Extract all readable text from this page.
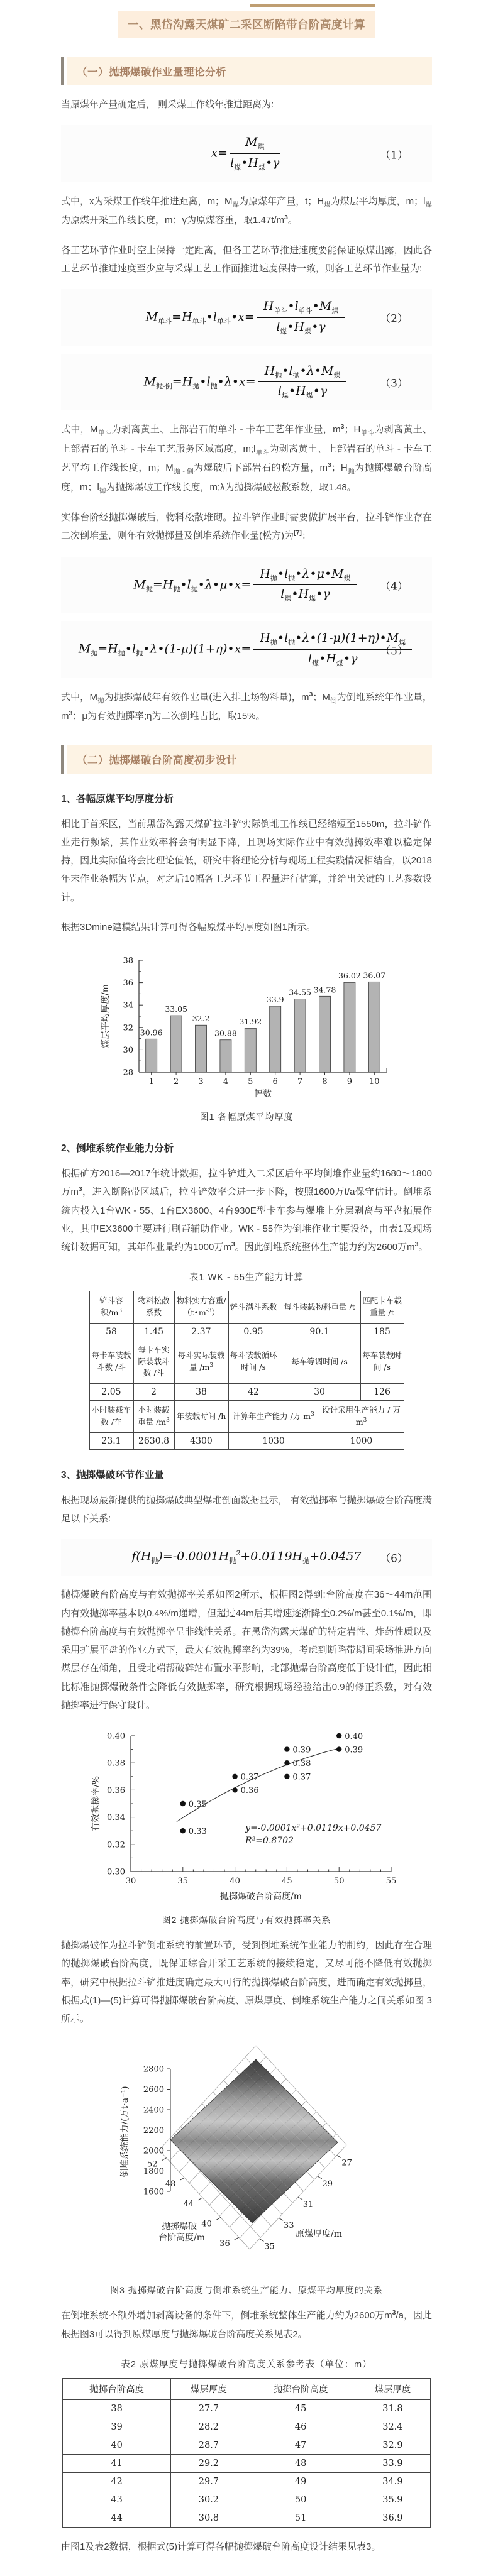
一、黑岱沟露天煤矿二采区断陷带台阶高度计算
（一）抛掷爆破作业量理论分析

当原煤年产量确定后， 则采煤工作线年推进距离为:

$x= \frac{M_煤}{l_煤•H_煤•\gamma}$	（1）

式中，x为采煤工作线年推进距离，m；$M_煤$为原煤年产量，t；$H_煤$为煤层平均厚度，m；$l_煤$为原煤开采工作线长度，m；γ为原煤容重，取$1.47t/m^3$。

各工艺环节作业时空上保持一定距离，但各工艺环节推进速度要能保证原煤出露，因此各工艺环节推进速度至少应与采煤工艺工作面推进速度保持一致，则各工艺环节作业量为:

$M_{单斗}=H_{单斗}•l_{单斗}•x= \frac{H_{单斗}•l_{单斗}•M_煤}{l_煤•H_煤•\gamma}$	（2）
$M_{抛-倒}=H_抛•l_抛•\lambda•x= \frac{H_抛•l_抛•\lambda•M_煤}{l_煤•H_煤•\gamma}$	（3）

式中，$M_{单斗}$为剥离黄土、上部岩石的单斗 - 卡车工艺年作业量，$m^3$；$H_{单斗}$为剥离黄土、上部岩石的单斗 - 卡车工艺服务区域高度，$m;l_{单斗}$为剥离黄土、上部岩石的单斗 - 卡车工艺平均工作线长度，m；$M_{抛 - 倒}$为爆破后下部岩石的松方量，$m^3$；$H_抛$为抛掷爆破台阶高度，m；$l_抛$为抛掷爆破工作线长度，m;λ为抛掷爆破松散系数，取1.48。

实体台阶经抛掷爆破后，物料松散堆砌。拉斗铲作业时需要做扩展平台，拉斗铲作业存在二次倒堆量，则年有效抛掷量及倒堆系统作业量(松方)为[7]：

$M_抛=H_抛•l_抛•\lambda•\mu•x= \frac{H_抛•l_抛•\lambda•\mu•M_煤}{l_煤•H_煤•\gamma} (4)$
$M_抛=H_抛•l_抛•\lambda•(1-\mu)(1+\eta)•x= \frac{H_抛•l_抛•\lambda•(1-\mu)(1+\eta)•M_煤}{l_煤•H_煤•\gamma}$
（5）

式中，$M_抛$为抛掷爆破年有效作业量(进入排土场物料量)，$m^3$；$M_倒$为倒堆系统年作业量，$m^3$；μ为有效抛掷率;η为二次倒堆占比，取15%。

（二）抛掷爆破台阶高度初步设计
1、各幅原煤平均厚度分析

相比于首采区，当前黑岱沟露天煤矿拉斗铲实际倒堆工作线已经缩短至1550m，拉斗铲作业走行频繁，其作业效率将会有明显下降，且现场实际作业中有效抛掷效率难以稳定保持，因此实际值将会比理论值低，研究中将理论分析与现场工程实践情况相结合，以2018年末作业条幅为节点，对之后10幅各工艺环节工程量进行估算，并给出关键的工艺参数设计。

根据3Dmine建模结果计算可得各幅原煤平均厚度如图1所示。

28
30
32
34
36
38
30.96
1
33.05
2
32.2
3
30.88
4
31.92
5
33.9
6
34.55
7
34.78
8
36.02
9
36.07
10
幅数
煤层平均厚度/m
图1 各幅原煤平均厚度
2、倒堆系统作业能力分析

根据矿方2016—2017年统计数据，拉斗铲进入二采区后年平均倒堆作业量约1680～1800万$m^3$，进入断陷带区域后，拉斗铲效率会进一步下降，按照1600万t/a保守估计。倒堆系统内投入1台WK - 55、1台EX3600、4台930E型卡车参与爆堆上分层剥离与平盘拓展作业，其中EX3600主要进行刷帮辅助作业。WK - 55作为倒堆作业主要设备，由表1及现场统计数据可知，其年作业量约为1000万$m^3$。因此倒堆系统整体生产能力约为2600万$m^3$。

表1 WK - 55生产能力计算
铲斗容积$/m^3$	物料松散系数	物料实方容重$/(t•m^{-3})$	铲斗满斗系数	每斗装载物料重量 /t		匹配卡车载重量 /t
58	1.45	2.37	0.95	90.1		185
每卡车装载斗数 /斗	每卡车实际装载斗数 /斗	每斗实际装载量 $/m^3$	每斗装载循环时间 /s	每车等调时间 /s		每车装载时间 /s
2.05	2	38	42	30		126
小时装载车数 /车	小时装载重量 $/m^3$	年装载时间 /h	计算年生产能力 /万 $m^3$		设计采用生产能力 / 万 $m^3$
23.1	2630.8	4300	1030		1000	
3、抛掷爆破环节作业量

根据现场最新提供的抛掷爆破典型爆堆剖面数据显示， 有效抛掷率与抛掷爆破台阶高度满足以下关系:

$f(H_抛)=-0.0001H_抛^2+0.0119H_抛+0.0457$ （6）

抛掷爆破台阶高度与有效抛掷率关系如图2所示，根据图2得到:台阶高度在36～44m范围内有效抛掷率基本以0.4%/m递增，但超过44m后其增速逐渐降至0.2%/m甚至0.1%/m，即抛掷台阶高度与有效抛掷率呈非线性关系。在黑岱沟露天煤矿的特定岩性、炸药性质以及采用扩展平盘的作业方式下，最大有效抛掷率约为39%，考虑到断陷带期间采场推进方向煤层存在倾角，且受北端帮破碎站布置水平影响，北部抛爆台阶高度低于设计值，因此相比标准抛掷爆破条件会降低有效抛掷率，研究根据现场经验给出0.9的修正系数，对有效抛掷率进行保守设计。

30	35	40	45	50	55
0.30
0.32
0.34
0.36
0.38
0.40
0.35
0.33
0.37
0.36
0.39
0.38
0.37
0.40
0.39
y=-0.0001x²+0.0119x+0.0457
R²=0.8702
抛掷爆破台阶高度/m
有效抛掷率/%
图2 抛掷爆破台阶高度与有效抛掷率关系

抛掷爆破作为拉斗铲倒堆系统的前置环节，受到倒堆系统作业能力的制约，因此存在合理的抛掷爆破台阶高度，既保证综合开采工艺系统的接续稳定，又尽可能不降低有效抛掷率，研究中根据拉斗铲推进度确定最大可行的抛掷爆破台阶高度，进而确定有效抛掷量，根据式(1)—(5)计算可得抛掷爆破台阶高度、原煤厚度、倒堆系统生产能力之间关系如图 3 所示。

2800
2600
2400
2200
2000
1800
1600
倒堆系统能力/(万t·a⁻¹) 52
48
44
40
36	35
33
31
29
27
抛掷爆破
台阶高度/m	原煤厚度/m
图3 抛掷爆破台阶高度与倒堆系统生产能力、原煤平均厚度的关系

在倒堆系统不额外增加剥离设备的条件下，倒堆系统整体生产能力约为2600万$m^3/a$，因此根据图3可以得到原煤厚度与抛掷爆破台阶高度关系见表2。

表2 原煤厚度与抛掷爆破台阶高度关系参考表（单位：m）
抛掷台阶高度	煤层厚度	抛掷台阶高度	煤层厚度
38	27.7	45	31.8
39	28.2	46	32.4
40	28.7	47	32.9
41	29.2	48	33.9
42	29.7	49	34.9
43	30.2	50	35.9
44	30.8	51	36.9

由图1及表2数据，根据式(5)计算可得各幅抛掷爆破台阶高度设计结果见表3。
